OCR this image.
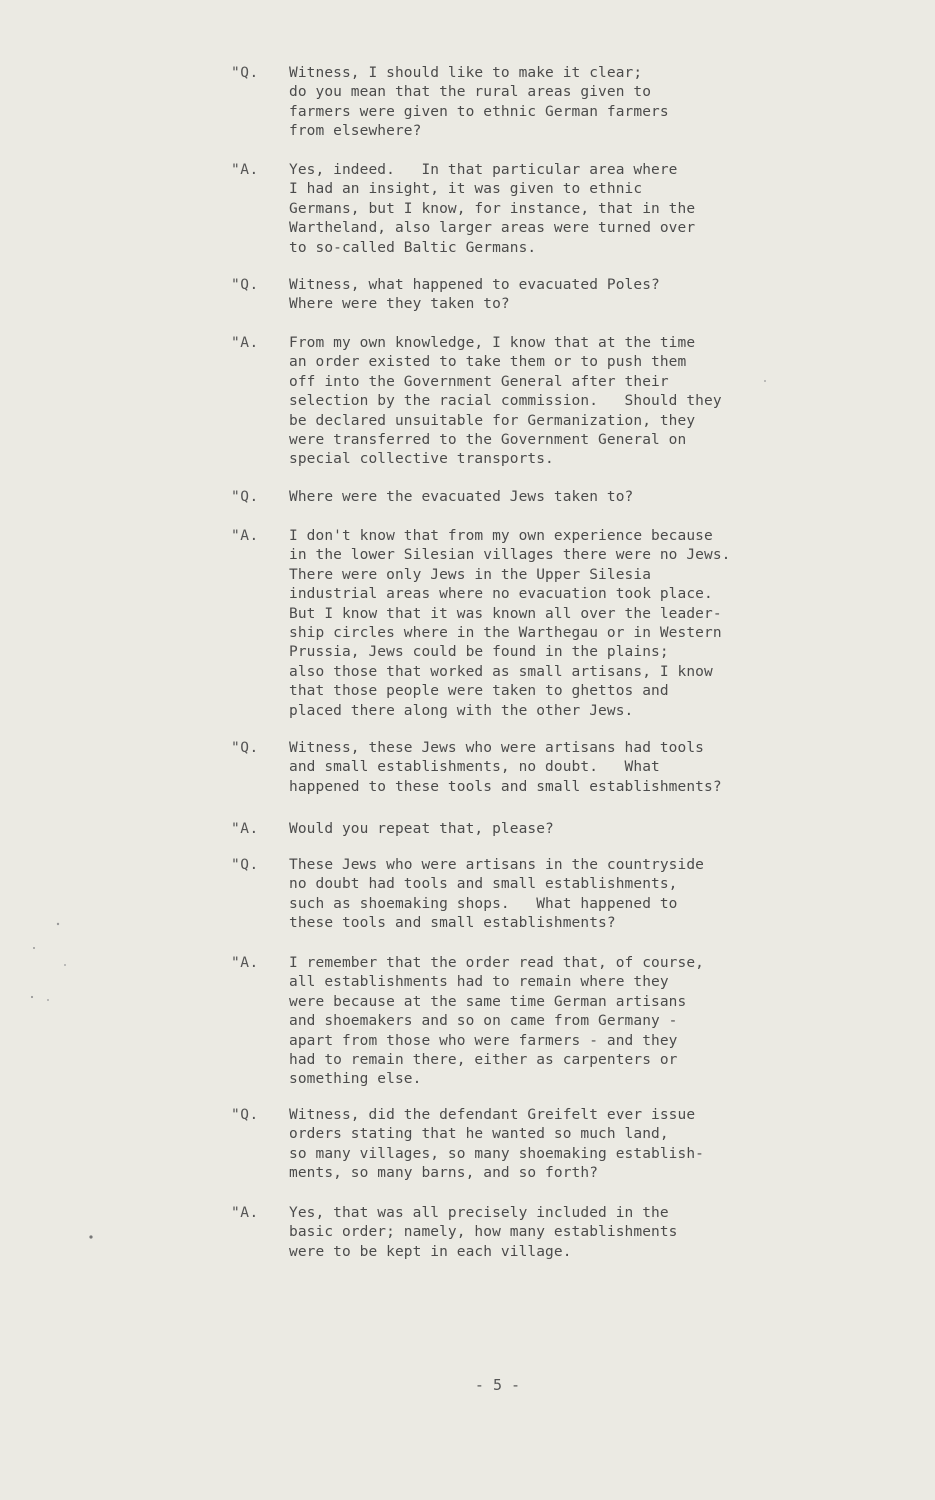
"Q. Witness, I should like to make it clear;
do you mean that the rural areas given to
farmers were given to ethnic German farmers
from elsewhere?
"A. Yes, indeed.   In that particular area where
I had an insight, it was given to ethnic
Germans, but I know, for instance, that in the
Wartheland, also larger areas were turned over
to so-called Baltic Germans.
"Q. Witness, what happened to evacuated Poles?
Where were they taken to?
"A. From my own knowledge, I know that at the time
an order existed to take them or to push them
off into the Government General after their
selection by the racial commission.   Should they
be declared unsuitable for Germanization, they
were transferred to the Government General on
special collective transports.
"Q. Where were the evacuated Jews taken to?
"A. I don't know that from my own experience because
in the lower Silesian villages there were no Jews.
There were only Jews in the Upper Silesia
industrial areas where no evacuation took place.
But I know that it was known all over the leader-
ship circles where in the Warthegau or in Western
Prussia, Jews could be found in the plains;
also those that worked as small artisans, I know
that those people were taken to ghettos and
placed there along with the other Jews.
"Q. Witness, these Jews who were artisans had tools
and small establishments, no doubt.   What
happened to these tools and small establishments?
"A. Would you repeat that, please?
"Q. These Jews who were artisans in the countryside
no doubt had tools and small establishments,
such as shoemaking shops.   What happened to
these tools and small establishments?
"A. I remember that the order read that, of course,
all establishments had to remain where they
were because at the same time German artisans
and shoemakers and so on came from Germany -
apart from those who were farmers - and they
had to remain there, either as carpenters or
something else.
"Q. Witness, did the defendant Greifelt ever issue
orders stating that he wanted so much land,
so many villages, so many shoemaking establish-
ments, so many barns, and so forth?
"A. Yes, that was all precisely included in the
basic order; namely, how many establishments
were to be kept in each village.
- 5 -
